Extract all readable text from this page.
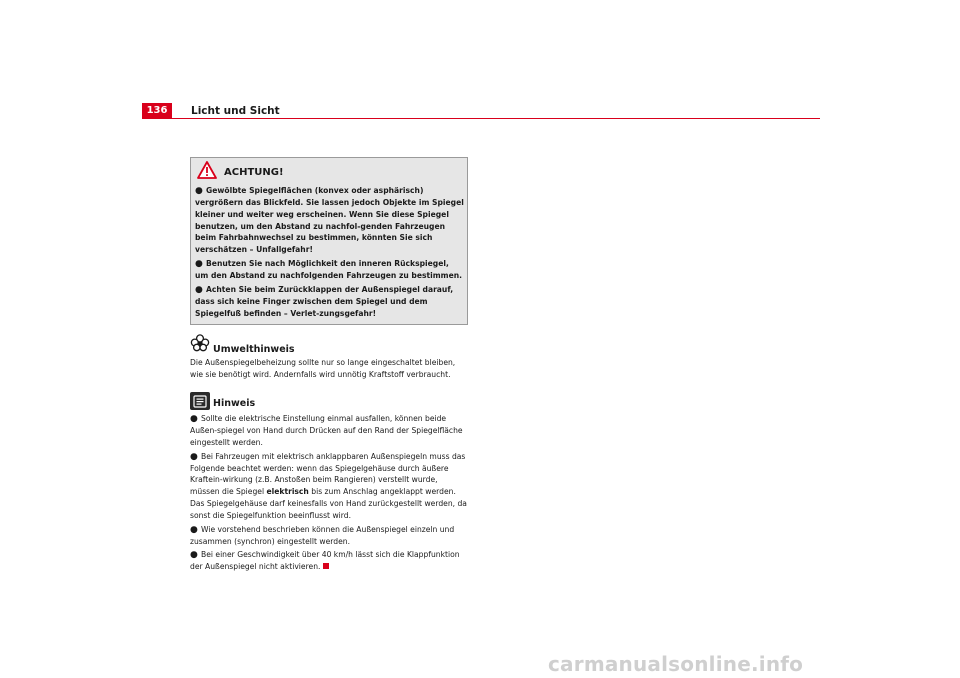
136	Licht und Sicht
ACHTUNG!
● Gewölbte Spiegelflächen (konvex oder asphärisch) vergrößern das Blickfeld. Sie lassen jedoch Objekte im Spiegel kleiner und weiter weg erscheinen. Wenn Sie diese Spiegel benutzen, um den Abstand zu nachfol-genden Fahrzeugen beim Fahrbahnwechsel zu bestimmen, könnten Sie sich verschätzen – Unfallgefahr!
● Benutzen Sie nach Möglichkeit den inneren Rückspiegel, um den Abstand zu nachfolgenden Fahrzeugen zu bestimmen.
● Achten Sie beim Zurückklappen der Außenspiegel darauf, dass sich keine Finger zwischen dem Spiegel und dem Spiegelfuß befinden – Verlet-zungsgefahr!
Umwelthinweis

Die Außenspiegelbeheizung sollte nur so lange eingeschaltet bleiben, wie sie benötigt wird. Andernfalls wird unnötig Kraftstoff verbraucht.

Hinweis
● Sollte die elektrische Einstellung einmal ausfallen, können beide Außen-spiegel von Hand durch Drücken auf den Rand der Spiegelfläche eingestellt werden.
● Bei Fahrzeugen mit elektrisch anklappbaren Außenspiegeln muss das Folgende beachtet werden: wenn das Spiegelgehäuse durch äußere Kraftein-wirkung (z.B. Anstoßen beim Rangieren) verstellt wurde, müssen die Spiegel elektrisch bis zum Anschlag angeklappt werden. Das Spiegelgehäuse darf keinesfalls von Hand zurückgestellt werden, da sonst die Spiegelfunktion beeinflusst wird.
● Wie vorstehend beschrieben können die Außenspiegel einzeln und zusammen (synchron) eingestellt werden.
● Bei einer Geschwindigkeit über 40 km/h lässt sich die Klappfunktion der Außenspiegel nicht aktivieren.
carmanualsonline.info
